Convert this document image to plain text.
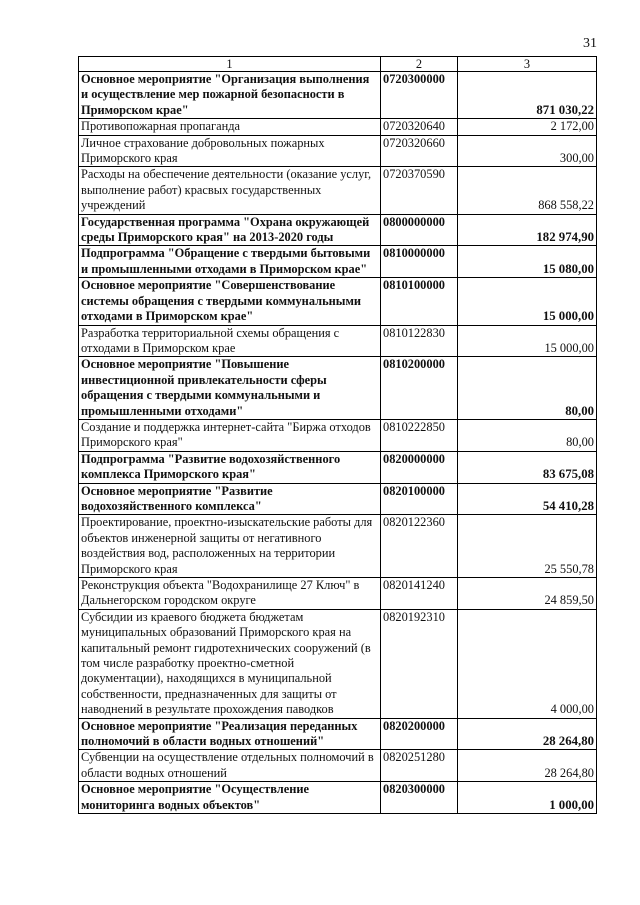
31
1	2	3
Основное мероприятие "Организация выполнения и осуществление мер пожарной безопасности в Приморском крае"	0720300000	871 030,22
Противопожарная пропаганда	0720320640	2 172,00
Личное страхование добровольных пожарных Приморского края	0720320660	300,00
Расходы на обеспечение деятельности (оказание услуг, выполнение работ) красвых государственных учреждений	0720370590	868 558,22
Государственная программа "Охрана окружающей среды Приморского края" на 2013-2020 годы	0800000000	182 974,90
Подпрограмма "Обращение с твердыми бытовыми и промышленными отходами в Приморском крае"	0810000000	15 080,00
Основное мероприятие "Совершенствование системы обращения с твердыми коммунальными отходами в Приморском крае"	0810100000	15 000,00
Разработка территориальной схемы обращения с отходами в Приморском крае	0810122830	15 000,00
Основное мероприятие "Повышение инвестиционной привлекательности сферы обращения с твердыми коммунальными и промышленными отходами"	0810200000	80,00
Создание и поддержка интернет-сайта "Биржа отходов Приморского края"	0810222850	80,00
Подпрограмма "Развитие водохозяйственного комплекса Приморского края"	0820000000	83 675,08
Основное мероприятие "Развитие водохозяйственного комплекса"	0820100000	54 410,28
Проектирование, проектно-изыскательские работы для объектов инженерной защиты от негативного воздействия вод, расположенных на территории Приморского края	0820122360	25 550,78
Реконструкция объекта "Водохранилище 27 Ключ" в Дальнегорском городском округе	0820141240	24 859,50
Субсидии из краевого бюджета бюджетам муниципальных образований Приморского края на капитальный ремонт гидротехнических сооружений (в том числе разработку проектно-сметной документации), находящихся в муниципальной собственности, предназначенных для защиты от наводнений в результате прохождения паводков	0820192310	4 000,00
Основное мероприятие "Реализация переданных полномочий в области водных отношений"	0820200000	28 264,80
Субвенции на осуществление отдельных полномочий в области водных отношений	0820251280	28 264,80
Основное мероприятие "Осуществление мониторинга водных объектов"	0820300000	1 000,00
